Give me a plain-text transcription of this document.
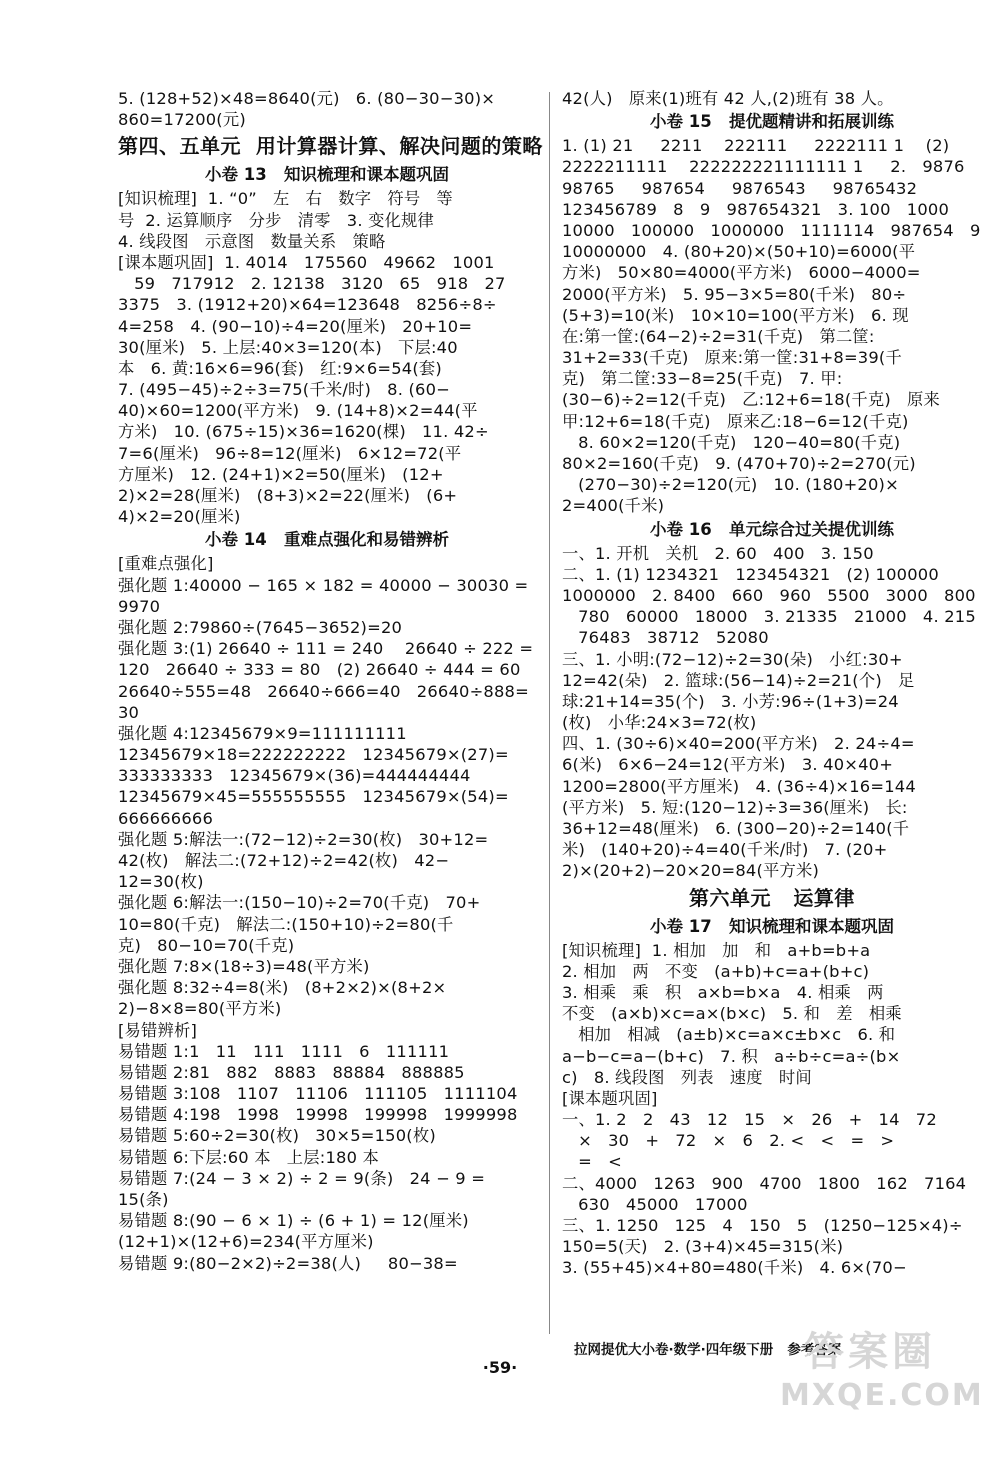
5. (128+52)×48=8640(元)   6. (80−30−30)×
860=17200(元)
第四、五单元  用计算器计算、解决问题的策略
小卷 13   知识梳理和课本题巩固
[知识梳理]  1. “0”   左   右   数字   符号   等
号  2. 运算顺序   分步   清零   3. 变化规律
4. 线段图   示意图   数量关系   策略
[课本题巩固]  1. 4014   175560   49662   1001
59   717912   2. 12138   3120   65   918   27
3375   3. (1912+20)×64=123648   8256÷8÷
4=258   4. (90−10)÷4=20(厘米)   20+10=
30(厘米)   5. 上层:40×3=120(本)   下层:40
本   6. 黄:16×6=96(套)   红:9×6=54(套)
7. (495−45)÷2÷3=75(千米/时)   8. (60−
40)×60=1200(平方米)   9. (14+8)×2=44(平
方米)   10. (675÷15)×36=1620(棵)   11. 42÷
7=6(厘米)   96÷8=12(厘米)   6×12=72(平
方厘米)   12. (24+1)×2=50(厘米)   (12+
2)×2=28(厘米)   (8+3)×2=22(厘米)   (6+
4)×2=20(厘米)
小卷 14   重难点强化和易错辨析
[重难点强化]
强化题 1:40000 − 165 × 182 = 40000 − 30030 =
9970
强化题 2:79860÷(7645−3652)=20
强化题 3:(1) 26640 ÷ 111 = 240    26640 ÷ 222 =
120   26640 ÷ 333 = 80   (2) 26640 ÷ 444 = 60
26640÷555=48   26640÷666=40   26640÷888=
30
强化题 4:12345679×9=111111111
12345679×18=222222222   12345679×(27)=
333333333   12345679×(36)=444444444
12345679×45=555555555   12345679×(54)=
666666666
强化题 5:解法一:(72−12)÷2=30(枚)   30+12=
42(枚)   解法二:(72+12)÷2=42(枚)   42−
12=30(枚)
强化题 6:解法一:(150−10)÷2=70(千克)   70+
10=80(千克)   解法二:(150+10)÷2=80(千
克)   80−10=70(千克)
强化题 7:8×(18÷3)=48(平方米)
强化题 8:32÷4=8(米)   (8+2×2)×(8+2×
2)−8×8=80(平方米)
[易错辨析]
易错题 1:1   11   111   1111   6   111111
易错题 2:81   882   8883   88884   888885
易错题 3:108   1107   11106   111105   1111104
易错题 4:198   1998   19998   199998   1999998
易错题 5:60÷2=30(枚)   30×5=150(枚)
易错题 6:下层:60 本   上层:180 本
易错题 7:(24 − 3 × 2) ÷ 2 = 9(条)   24 − 9 =
15(条)
易错题 8:(90 − 6 × 1) ÷ (6 + 1) = 12(厘米)
(12+1)×(12+6)=234(平方厘米)
易错题 9:(80−2×2)÷2=38(人)     80−38=
42(人)   原来(1)班有 42 人,(2)班有 38 人。
小卷 15   提优题精讲和拓展训练
1. (1) 21     2211    222111     2222111 1    (2)
2222211111    222222221111111 1     2.   9876
98765     987654     9876543     98765432
123456789   8   9   987654321   3. 100   1000
10000   100000   1000000   1111114   987654   9
10000000   4. (80+20)×(50+10)=6000(平
方米)   50×80=4000(平方米)   6000−4000=
2000(平方米)   5. 95−3×5=80(千米)   80÷
(5+3)=10(米)   10×10=100(平方米)   6. 现
在:第一筐:(64−2)÷2=31(千克)   第二筐:
31+2=33(千克)   原来:第一筐:31+8=39(千
克)   第二筐:33−8=25(千克)   7. 甲:
(30−6)÷2=12(千克)   乙:12+6=18(千克)   原来
甲:12+6=18(千克)   原来乙:18−6=12(千克)
8. 60×2=120(千克)   120−40=80(千克)
80×2=160(千克)   9. (470+70)÷2=270(元)
(270−30)÷2=120(元)   10. (180+20)×
2=400(千米)
小卷 16   单元综合过关提优训练
一、1. 开机   关机   2. 60   400   3. 150
二、1. (1) 1234321   123454321   (2) 100000
1000000   2. 8400   660   960   5500   3000   800
780   60000   18000   3. 21335   21000   4. 215
76483   38712   52080
三、1. 小明:(72−12)÷2=30(朵)   小红:30+
12=42(朵)   2. 篮球:(56−14)÷2=21(个)   足
球:21+14=35(个)   3. 小芳:96÷(1+3)=24
(枚)   小华:24×3=72(枚)
四、1. (30÷6)×40=200(平方米)   2. 24÷4=
6(米)   6×6−24=12(平方米)   3. 40×40+
1200=2800(平方厘米)   4. (36÷4)×16=144
(平方米)   5. 短:(120−12)÷3=36(厘米)   长:
36+12=48(厘米)   6. (300−20)÷2=140(千
米)   (140+20)÷4=40(千米/时)   7. (20+
2)×(20+2)−20×20=84(平方米)
第六单元   运算律
小卷 17   知识梳理和课本题巩固
[知识梳理]  1. 相加   加   和   a+b=b+a
2. 相加   两   不变   (a+b)+c=a+(b+c)
3. 相乘   乘   积   a×b=b×a   4. 相乘   两
不变   (a×b)×c=a×(b×c)   5. 和   差   相乘
相加   相减   (a±b)×c=a×c±b×c   6. 和
a−b−c=a−(b+c)   7. 积   a÷b÷c=a÷(b×
c)   8. 线段图   列表   速度   时间
[课本题巩固]
一、1. 2   2   43   12   15   ×   26   +   14   72
×   30   +   72   ×   6   2. <   <   =   >
=   <
二、4000   1263   900   4700   1800   162   7164
630   45000   17000
三、1. 1250   125   4   150   5   (1250−125×4)÷
150=5(天)   2. (3+4)×45=315(米)
3. (55+45)×4+80=480(千米)   4. 6×(70−
拉网提优大小卷·数学·四年级下册   参考答案
·59·	答案圈
MXQE.COM
